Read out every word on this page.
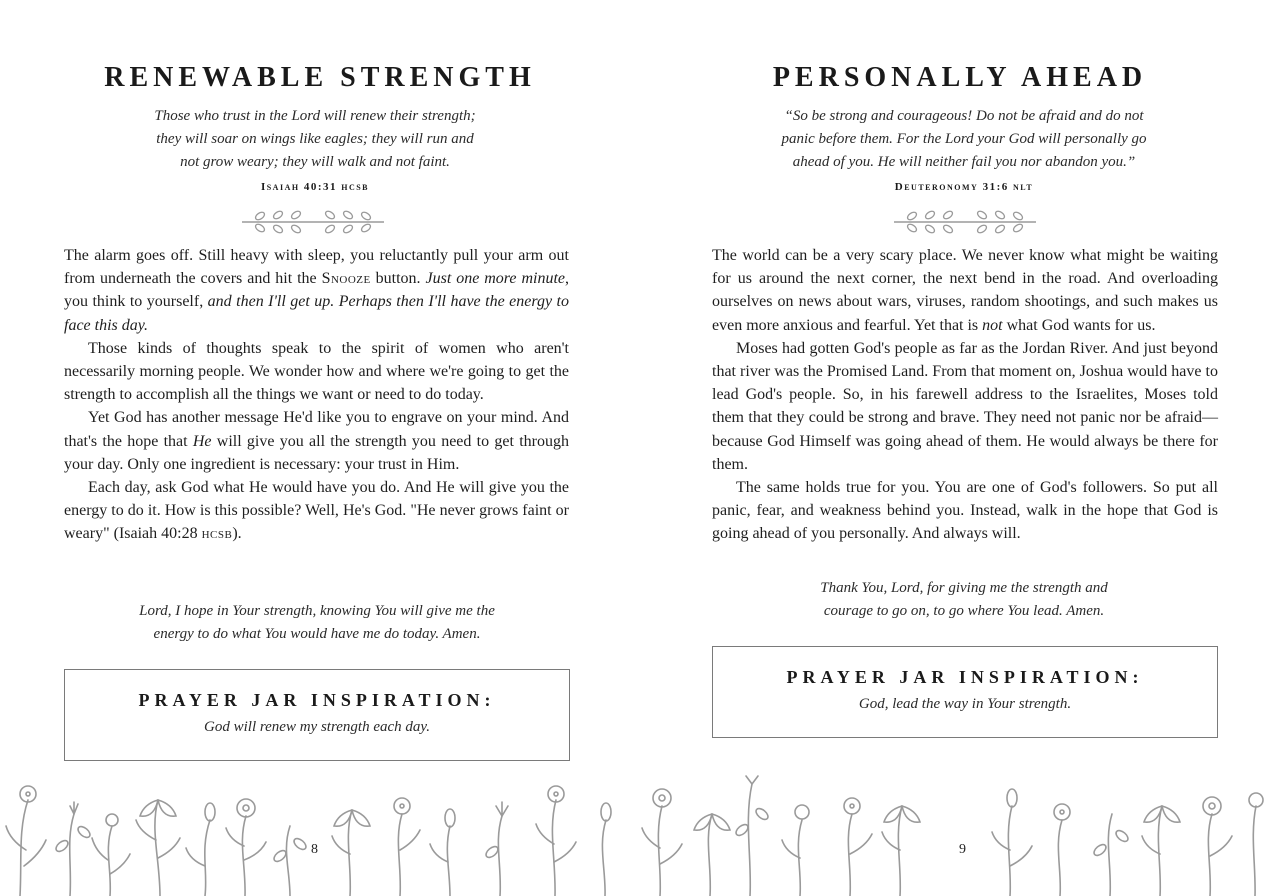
RENEWABLE STRENGTH
Those who trust in the Lord will renew their strength;
they will soar on wings like eagles; they will run and
not grow weary; they will walk and not faint.
Isaiah 40:31 hcsb

The alarm goes off. Still heavy with sleep, you reluctantly pull your arm out from underneath the covers and hit the Snooze button. Just one more minute, you think to yourself, and then I'll get up. Perhaps then I'll have the energy to face this day.

Those kinds of thoughts speak to the spirit of women who aren't necessarily morning people. We wonder how and where we're going to get the strength to accomplish all the things we want or need to do today.

Yet God has another message He'd like you to engrave on your mind. And that's the hope that He will give you all the strength you need to get through your day. Only one ingredient is necessary: your trust in Him.

Each day, ask God what He would have you do. And He will give you the energy to do it. How is this possible? Well, He's God. "He never grows faint or weary" (Isaiah 40:28 hcsb).

Lord, I hope in Your strength, knowing You will give me the
energy to do what You would have me do today. Amen.
PRAYER JAR INSPIRATION:
God will renew my strength each day.
8
PERSONALLY AHEAD
“So be strong and courageous! Do not be afraid and do not
panic before them. For the Lord your God will personally go
ahead of you. He will neither fail you nor abandon you.”
Deuteronomy 31:6 nlt

The world can be a very scary place. We never know what might be waiting for us around the next corner, the next bend in the road. And overloading ourselves on news about wars, viruses, random shootings, and such makes us even more anxious and fearful. Yet that is not what God wants for us.

Moses had gotten God's people as far as the Jordan River. And just beyond that river was the Promised Land. From that moment on, Joshua would have to lead God's people. So, in his farewell address to the Israelites, Moses told them that they could be strong and brave. They need not panic nor be afraid—because God Himself was going ahead of them. He would always be there for them.

The same holds true for you. You are one of God's followers. So put all panic, fear, and weakness behind you. Instead, walk in the hope that God is going ahead of you personally. And always will.

Thank You, Lord, for giving me the strength and
courage to go on, to go where You lead. Amen.
PRAYER JAR INSPIRATION:
God, lead the way in Your strength.
9
